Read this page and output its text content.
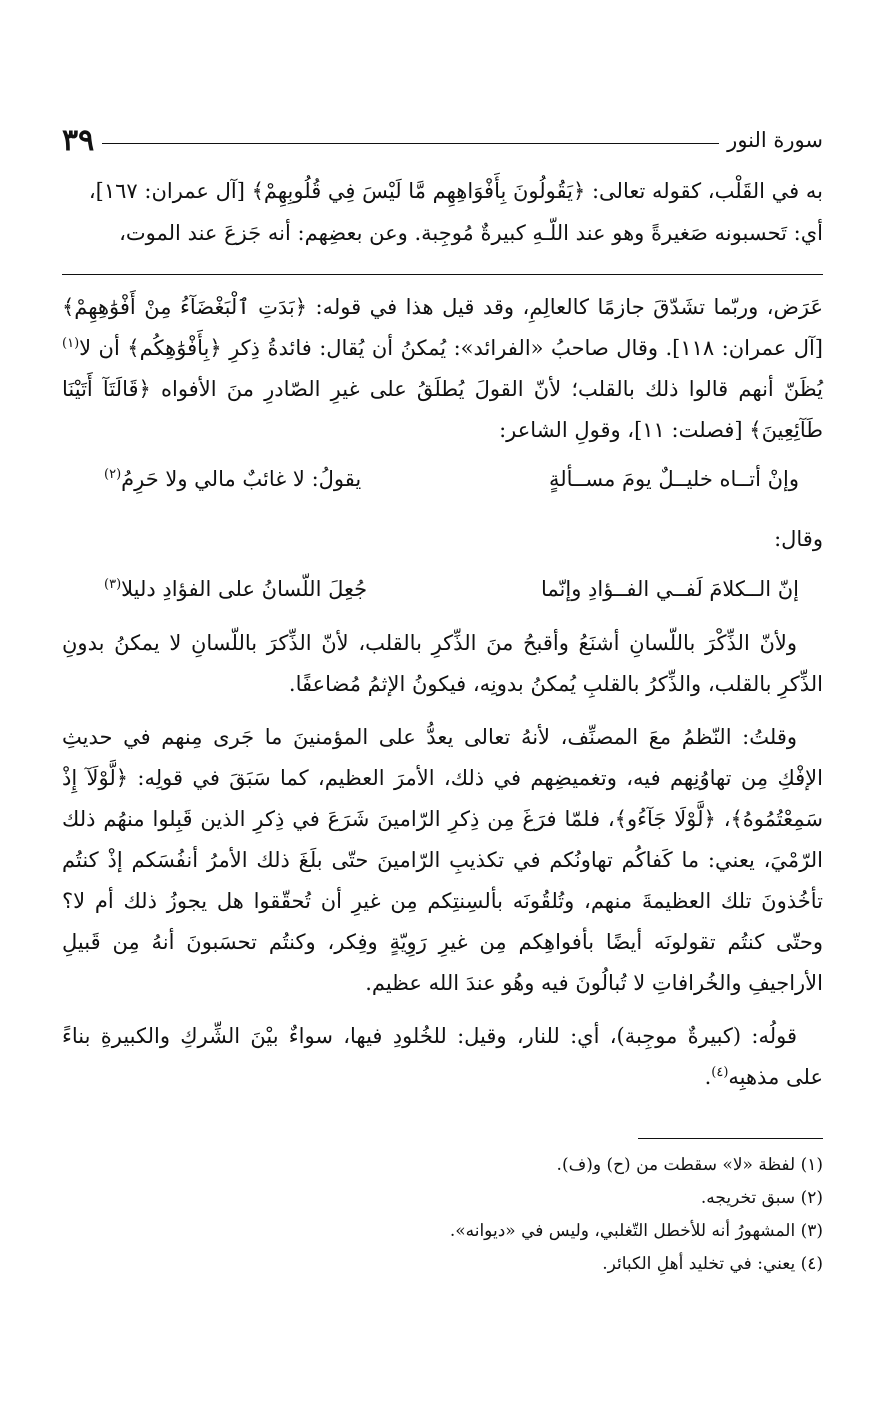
سورة النور
٣٩

به في القَلْب، كقوله تعالى: ﴿يَقُولُونَ بِأَفْوَاهِهِم مَّا لَيْسَ فِي قُلُوبِهِمْ﴾ [آل عمران: ١٦٧]،

أي: تَحسبونه صَغيرةً وهو عند اللّـهِ كبيرةٌ مُوجِبة. وعن بعضِهم: أنه جَزعَ عند الموت،

عَرَض، وربّما تشَدّقَ جازمًا كالعالِمِ، وقد قيل هذا في قوله: ﴿بَدَتِ ٱلْبَغْضَآءُ مِنْ أَفْوَٰهِهِمْ﴾ [آل عمران: ١١٨]. وقال صاحبُ «الفرائد»: يُمكنُ أن يُقال: فائدةُ ذِكرِ ﴿بِأَفْوَٰهِكُم﴾ أن لا$^{(١)}$ يُظَنّ أنهم قالوا ذلك بالقلب؛ لأنّ القولَ يُطلَقُ على غيرِ الصّادرِ منَ الأفواه ﴿قَالَتَآ أَتَيْنَا طَآئِعِينَ﴾ [فصلت: ١١]، وقولِ الشاعر:

وإنْ أتــاه خليــلٌ يومَ مســألةٍ
يقولُ: لا غائبٌ مالي ولا حَرِمُ$^{(٢)}$
وقال:
إنّ الــكلامَ لَفــي الفــؤادِ وإنّما
جُعِلَ اللّسانُ على الفؤادِ دليلا$^{(٣)}$

ولأنّ الذِّكْرَ باللّسانِ أشنَعُ وأقبحُ منَ الذِّكرِ بالقلب، لأنّ الذِّكرَ باللّسانِ لا يمكنُ بدونِ الذِّكرِ بالقلب، والذِّكرُ بالقلبِ يُمكنُ بدونِه، فيكونُ الإثمُ مُضاعفًا.

وقلتُ: النّظمُ معَ المصنِّف، لأنهُ تعالى يعدُّ على المؤمنينَ ما جَرى مِنهم في حديثِ الإفْكِ مِن تهاوُنِهم فيه، وتغميضِهم في ذلك، الأمرَ العظيم، كما سَبَقَ في قولِه: ﴿لَّوْلَآ إِذْ سَمِعْتُمُوهُ﴾، ﴿لَّوْلَا جَآءُو﴾، فلمّا فرَغَ مِن ذِكرِ الرّامينَ شَرَعَ في ذِكرِ الذين قَبِلوا منهُم ذلك الرّمْيَ، يعني: ما كَفاكُم تهاونُكم في تكذيبِ الرّامينَ حتّى بلَغَ ذلك الأمرُ أنفُسَكم إذْ كنتُم تأخُذونَ تلك العظيمةَ منهم، وتُلقُونَه بألسِنتِكم مِن غيرِ أن تُحقّقوا هل يجوزُ ذلك أم لا؟ وحتّى كنتُم تقولونَه أيضًا بأفواهِكم مِن غيرِ رَوِيّةٍ وفِكر، وكنتُم تحسَبونَ أنهُ مِن قَبيلِ الأراجيفِ والخُرافاتِ لا تُبالُونَ فيه وهُو عندَ الله عظيم.

قولُه: (كبيرةٌ موجِبة)، أي: للنار، وقيل: للخُلودِ فيها، سواءٌ بيْنَ الشِّركِ والكبيرةِ بناءً على مذهبِه$^{(٤)}$.

(١) لفظة «لا» سقطت من (ح) و(ف).

(٢) سبق تخريجه.

(٣) المشهورُ أنه للأخطل التّغلبي، وليس في «ديوانه».

(٤) يعني: في تخليد أهلِ الكبائر.
